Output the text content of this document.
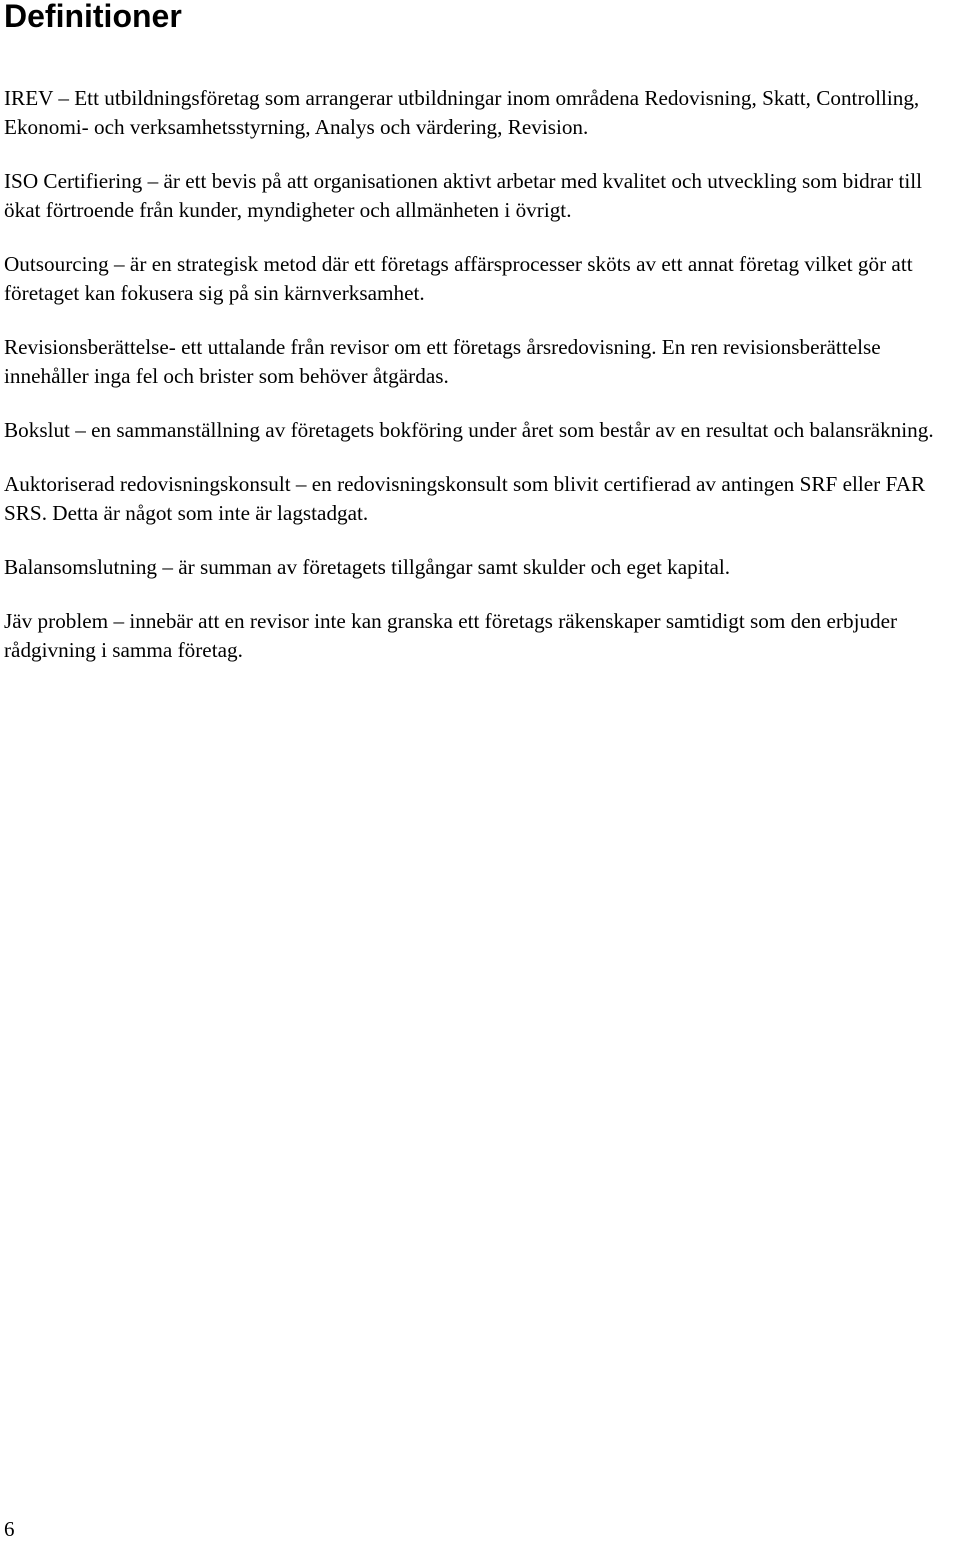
Definitioner

IREV – Ett utbildningsföretag som arrangerar utbildningar inom områdena Redovisning, Skatt, Controlling, Ekonomi- och verksamhetsstyrning, Analys och värdering, Revision.

ISO Certifiering – är ett bevis på att organisationen aktivt arbetar med kvalitet och utveckling som bidrar till ökat förtroende från kunder, myndigheter och allmänheten i övrigt.

Outsourcing – är en strategisk metod där ett företags affärsprocesser sköts av ett annat företag vilket gör att företaget kan fokusera sig på sin kärnverksamhet.

Revisionsberättelse- ett uttalande från revisor om ett företags årsredovisning. En ren revisionsberättelse innehåller inga fel och brister som behöver åtgärdas.

Bokslut – en sammanställning av företagets bokföring under året som består av en resultat och balansräkning.

Auktoriserad redovisningskonsult – en redovisningskonsult som blivit certifierad av antingen SRF eller FAR SRS. Detta är något som inte är lagstadgat.

Balansomslutning – är summan av företagets tillgångar samt skulder och eget kapital.

Jäv problem – innebär att en revisor inte kan granska ett företags räkenskaper samtidigt som den erbjuder rådgivning i samma företag.

6
